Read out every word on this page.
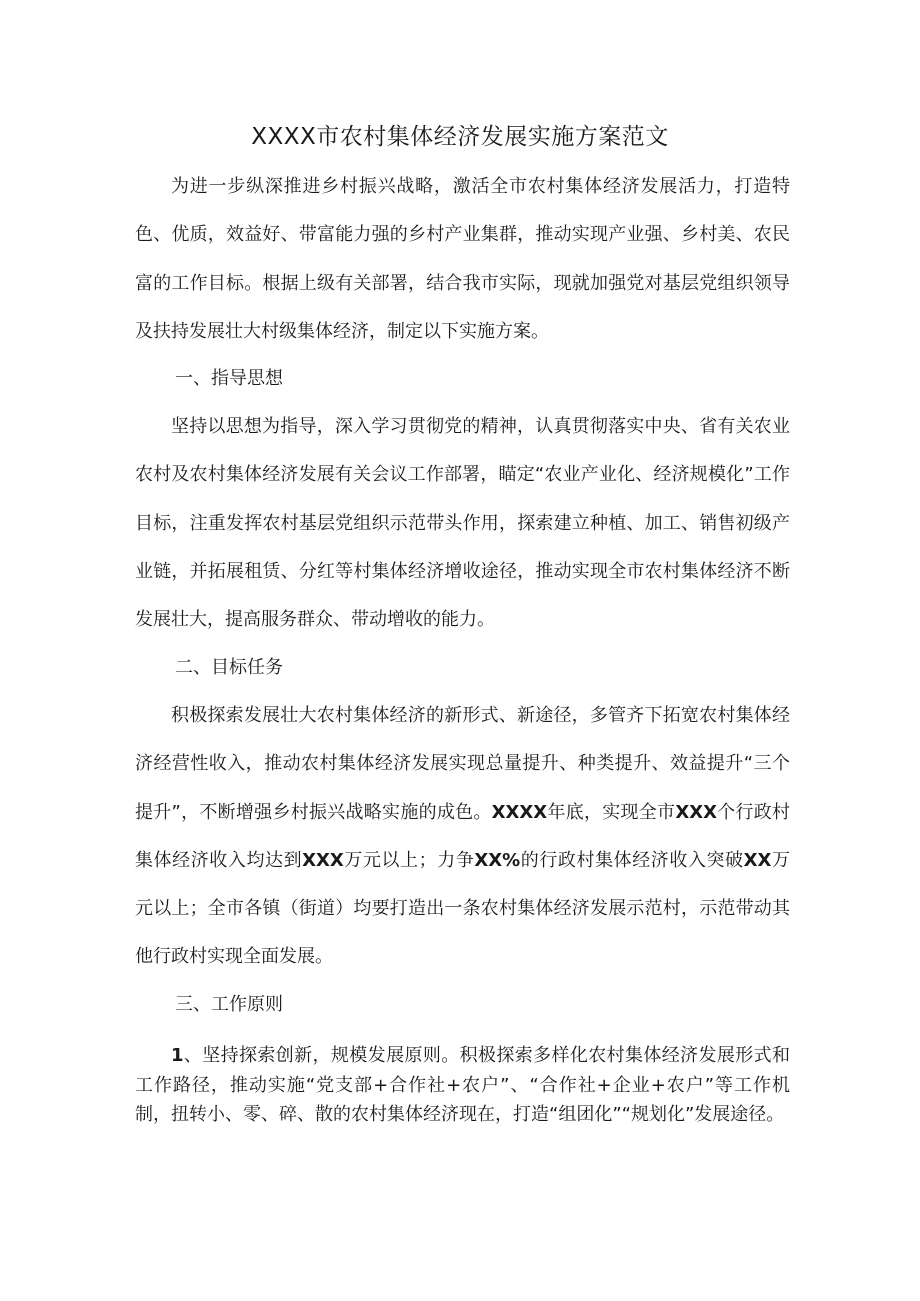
XXXX市农村集体经济发展实施方案范文

为进一步纵深推进乡村振兴战略，激活全市农村集体经济发展活力，打造特色、优质，效益好、带富能力强的乡村产业集群，推动实现产业强、乡村美、农民富的工作目标。根据上级有关部署，结合我市实际，现就加强党对基层党组织领导及扶持发展壮大村级集体经济，制定以下实施方案。

一、指导思想

坚持以思想为指导，深入学习贯彻党的精神，认真贯彻落实中央、省有关农业农村及农村集体经济发展有关会议工作部署，瞄定“农业产业化、经济规模化”工作目标，注重发挥农村基层党组织示范带头作用，探索建立种植、加工、销售初级产业链，并拓展租赁、分红等村集体经济增收途径，推动实现全市农村集体经济不断发展壮大，提高服务群众、带动增收的能力。

二、目标任务

积极探索发展壮大农村集体经济的新形式、新途径，多管齐下拓宽农村集体经济经营性收入，推动农村集体经济发展实现总量提升、种类提升、效益提升“三个提升”，不断增强乡村振兴战略实施的成色。XXXX年底，实现全市XXX个行政村集体经济收入均达到XXX万元以上；力争XX%的行政村集体经济收入突破XX万元以上；全市各镇（街道）均要打造出一条农村集体经济发展示范村，示范带动其他行政村实现全面发展。

三、工作原则

1、坚持探索创新，规模发展原则。积极探索多样化农村集体经济发展形式和工作路径，推动实施“党支部+合作社+农户”、“合作社+企业+农户”等工作机制，扭转小、零、碎、散的农村集体经济现在，打造“组团化”“规划化”发展途径。
